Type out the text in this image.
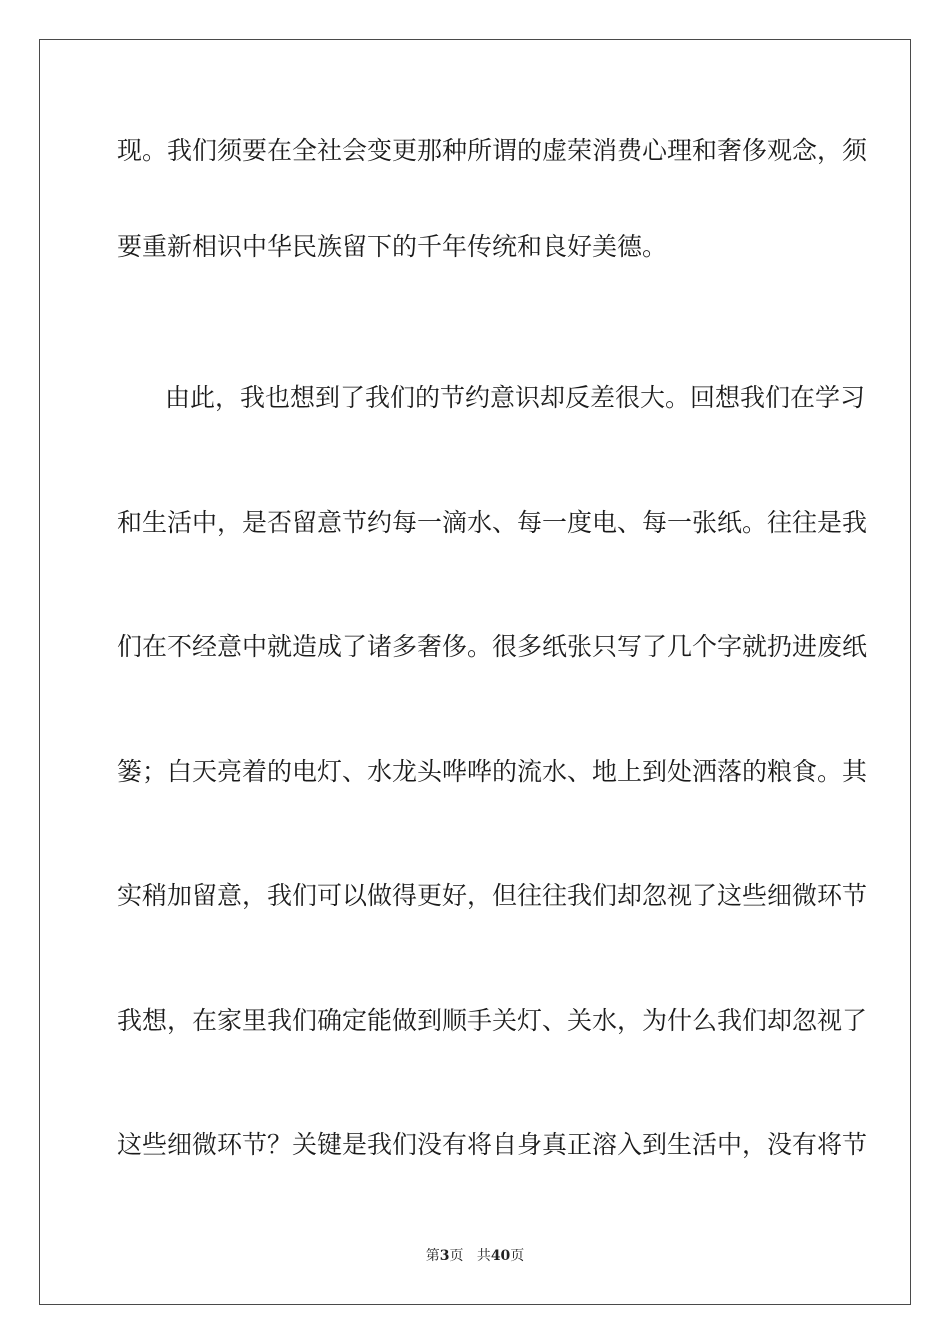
现。我们须要在全社会变更那种所谓的虚荣消费心理和奢侈观念，须
要重新相识中华民族留下的千年传统和良好美德。
由此，我也想到了我们的节约意识却反差很大。回想我们在学习
和生活中，是否留意节约每一滴水、每一度电、每一张纸。往往是我
们在不经意中就造成了诸多奢侈。很多纸张只写了几个字就扔进废纸
篓；白天亮着的电灯、水龙头哗哗的流水、地上到处洒落的粮食。其
实稍加留意，我们可以做得更好，但往往我们却忽视了这些细微环节
我想，在家里我们确定能做到顺手关灯、关水，为什么我们却忽视了
这些细微环节？关键是我们没有将自身真正溶入到生活中，没有将节
第3页 共40页
